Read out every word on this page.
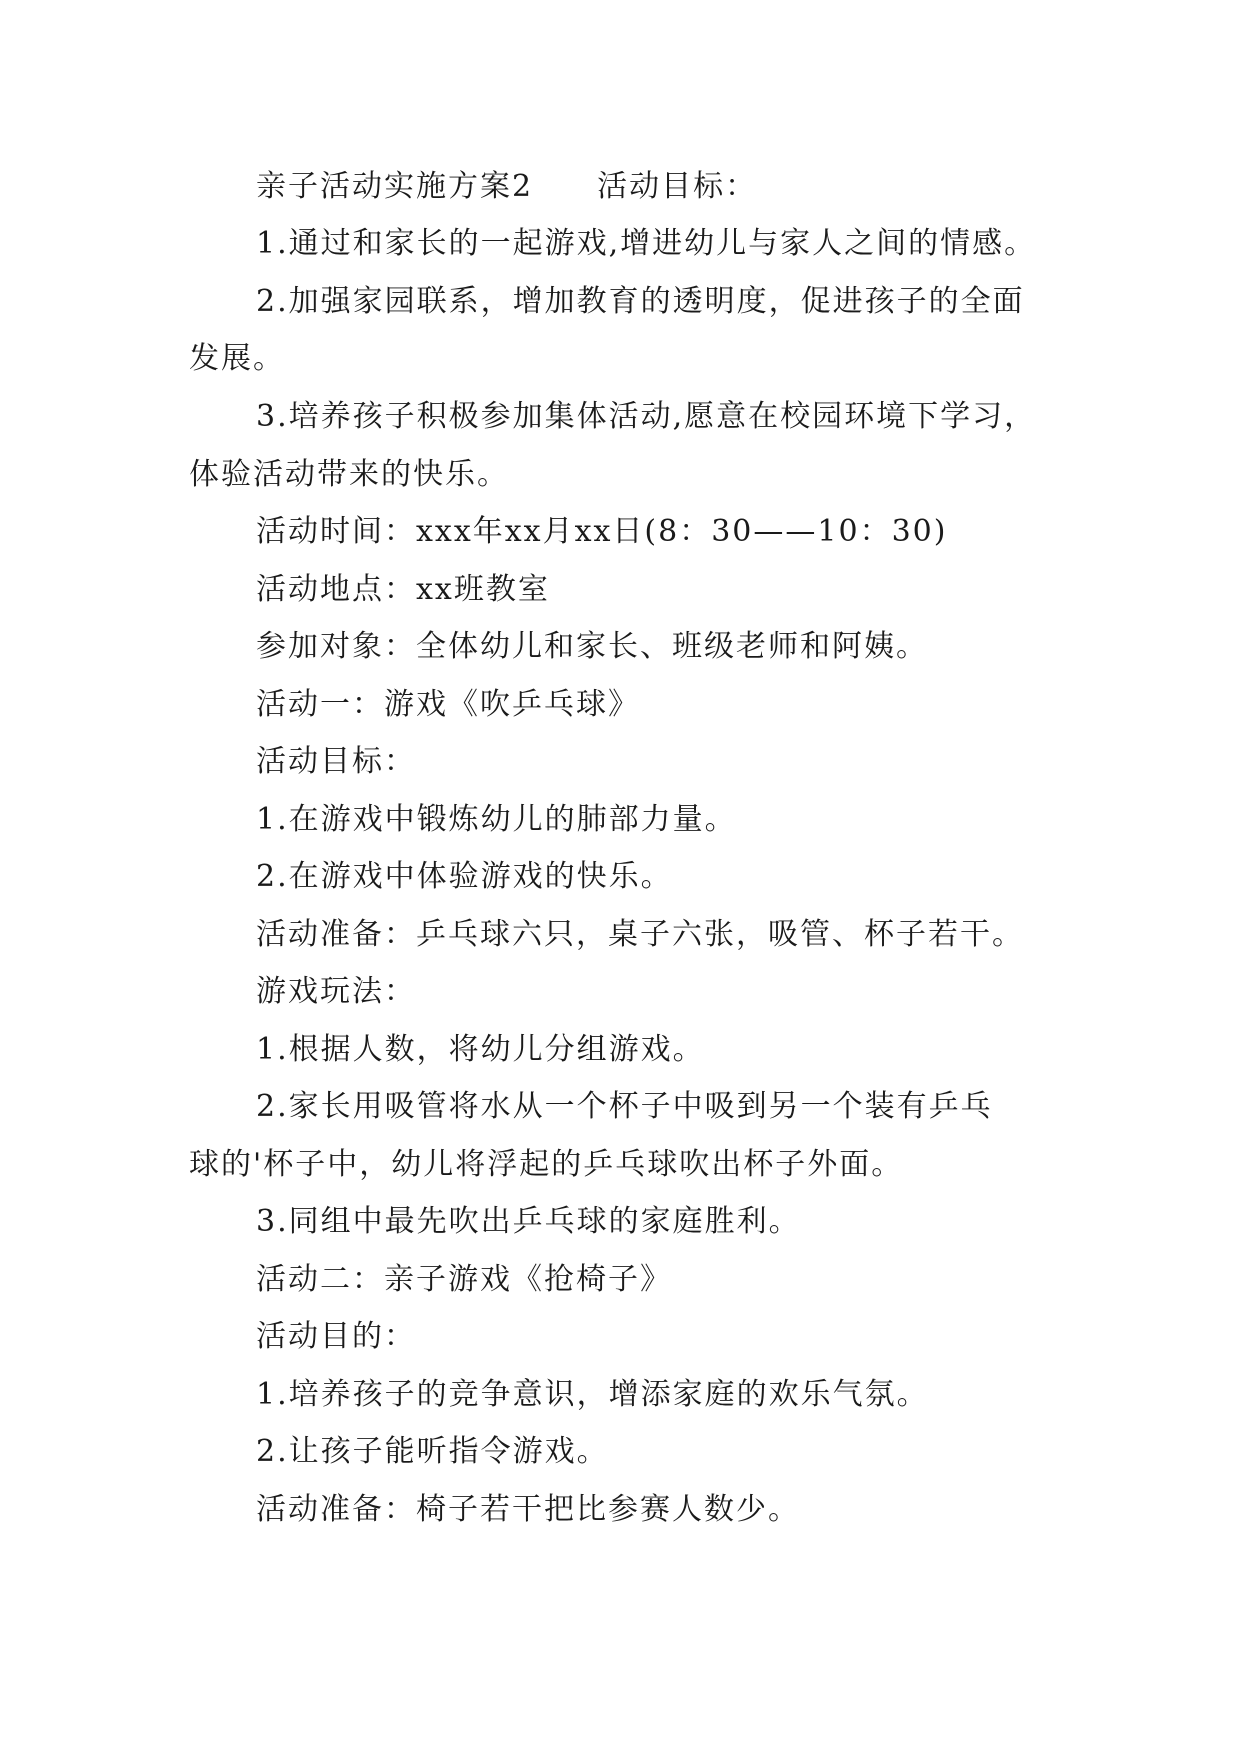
亲子活动实施方案2　　活动目标：
1.通过和家长的一起游戏,增进幼儿与家人之间的情感。
2.加强家园联系，增加教育的透明度，促进孩子的全面
发展。
3.培养孩子积极参加集体活动,愿意在校园环境下学习，
体验活动带来的快乐。
活动时间：xxx年xx月xx日(8：30——10：30)
活动地点：xx班教室
参加对象：全体幼儿和家长、班级老师和阿姨。
活动一：游戏《吹乒乓球》
活动目标：
1.在游戏中锻炼幼儿的肺部力量。
2.在游戏中体验游戏的快乐。
活动准备：乒乓球六只，桌子六张，吸管、杯子若干。
游戏玩法：
1.根据人数，将幼儿分组游戏。
2.家长用吸管将水从一个杯子中吸到另一个装有乒乓
球的'杯子中，幼儿将浮起的乒乓球吹出杯子外面。
3.同组中最先吹出乒乓球的家庭胜利。
活动二：亲子游戏《抢椅子》
活动目的：
1.培养孩子的竞争意识，增添家庭的欢乐气氛。
2.让孩子能听指令游戏。
活动准备：椅子若干把比参赛人数少。
